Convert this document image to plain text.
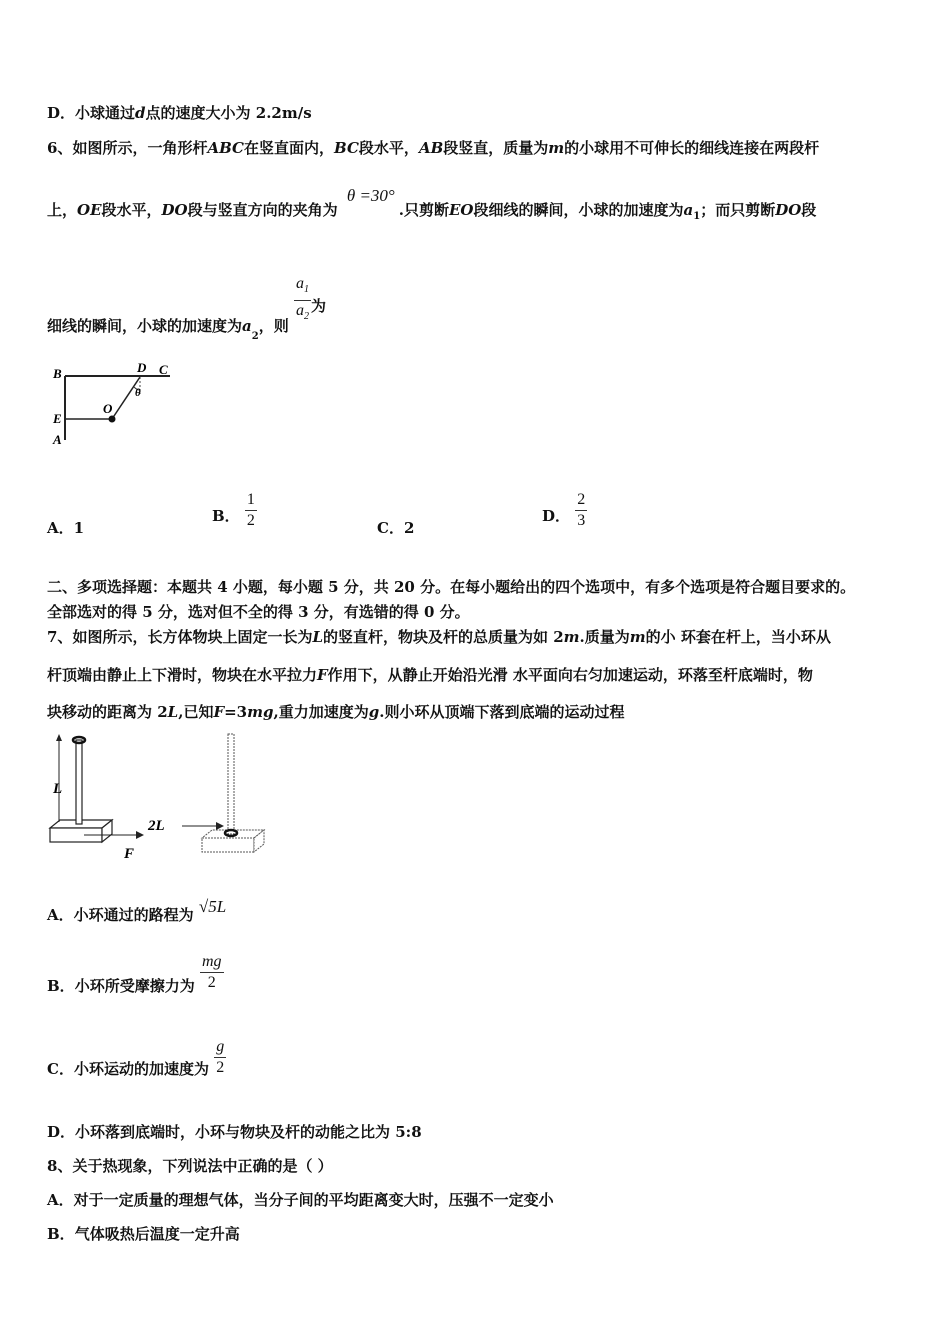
D．小球通过d点的速度大小为 2.2m/s
6、如图所示，一角形杆ABC在竖直面内，BC段水平，AB段竖直，质量为m的小球用不可伸长的细线连接在两段杆
上，OE段水平，DO段与竖直方向的夹角为 θ =30°.只剪断EO段细线的瞬间，小球的加速度为$a_1$；而只剪断DO段
细线的瞬间，小球的加速度为$a_2$，则 $\frac{a_1}{a_2}$ 为
B
E
A
D C
O
θ
A．1
B． $\frac{1}{2}$	C．2
D． $\frac{2}{3}$
二、多项选择题：本题共 4 小题，每小题 5 分，共 20 分。在每小题给出的四个选项中，有多个选项是符合题目要求的。
全部选对的得 5 分，选对但不全的得 3 分，有选错的得 0 分。
7、如图所示，长方体物块上固定一长为L的竖直杆，物块及杆的总质量为如 2m.质量为m的小 环套在杆上，当小环从
杆顶端由静止上下滑时，物块在水平拉力F作用下，从静止开始沿光滑 水平面向右匀加速运动，环落至杆底端时，物
块移动的距离为 2L,已知F=3mg,重力加速度为g.则小环从顶端下落到底端的运动过程
L
F
2L
A．小环通过的路程为 √5L
B．小环所受摩擦力为 $\frac{mg}{2}$
C．小环运动的加速度为 $\frac{g}{2}$
D．小环落到底端时，小环与物块及杆的动能之比为 5:8
8、关于热现象，下列说法中正确的是（ ）
A．对于一定质量的理想气体，当分子间的平均距离变大时，压强不一定变小
B．气体吸热后温度一定升高
